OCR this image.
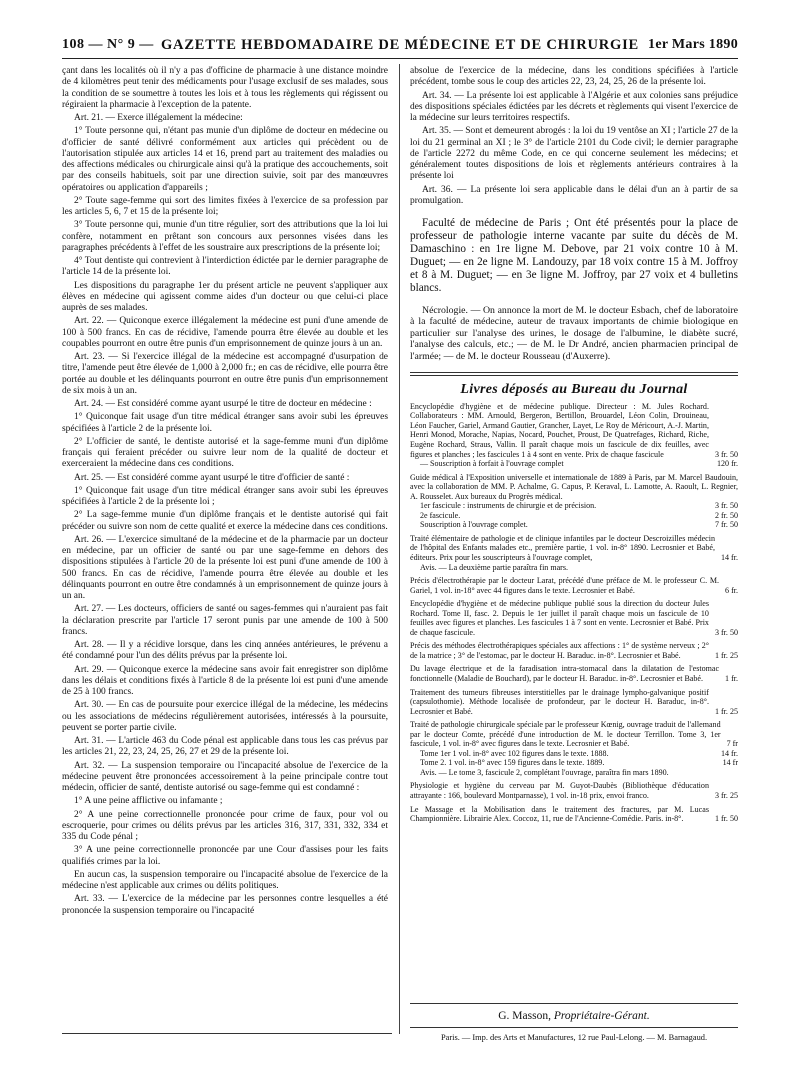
108 — N° 9 — GAZETTE HEBDOMADAIRE DE MÉDECINE ET DE CHIRURGIE 1er Mars 1890

çant dans les localités où il n'y a pas d'officine de pharmacie à une distance moindre de 4 kilomètres peut tenir des médicaments pour l'usage exclusif de ses malades, sous la condition de se soumettre à toutes les lois et à tous les règlements qui régissent ou régiraient la pharmacie à l'exception de la patente.

Art. 21. — Exerce illégalement la médecine:

1° Toute personne qui, n'étant pas munie d'un diplôme de docteur en médecine ou d'officier de santé délivré conformément aux articles qui précèdent ou de l'autorisation stipulée aux articles 14 et 16, prend part au traitement des maladies ou des affections médicales ou chirurgicale ainsi qu'à la pratique des accouchements, soit par des conseils habituels, soit par une direction suivie, soit par des manœuvres opératoires ou application d'appareils ;

2° Toute sage-femme qui sort des limites fixées à l'exercice de sa profession par les articles 5, 6, 7 et 15 de la présente loi;

3° Toute personne qui, munie d'un titre régulier, sort des attributions que la loi lui confère, notamment en prêtant son concours aux personnes visées dans les paragraphes précédents à l'effet de les soustraire aux prescriptions de la présente loi;

4° Tout dentiste qui contrevient à l'interdiction édictée par le dernier paragraphe de l'article 14 de la présente loi.

Les dispositions du paragraphe 1er du présent article ne peuvent s'appliquer aux élèves en médecine qui agissent comme aides d'un docteur ou que celui-ci place auprès de ses malades.

Art. 22. — Quiconque exerce illégalement la médecine est puni d'une amende de 100 à 500 francs. En cas de récidive, l'amende pourra être élevée au double et les coupables pourront en outre être punis d'un emprisonnement de quinze jours à un an.

Art. 23. — Si l'exercice illégal de la médecine est accompagné d'usurpation de titre, l'amende peut être élevée de 1,000 à 2,000 fr.; en cas de récidive, elle pourra être portée au double et les délinquants pourront en outre être punis d'un emprisonnement de six mois à un an.

Art. 24. — Est considéré comme ayant usurpé le titre de docteur en médecine :

1° Quiconque fait usage d'un titre médical étranger sans avoir subi les épreuves spécifiées à l'article 2 de la présente loi.

2° L'officier de santé, le dentiste autorisé et la sage-femme muni d'un diplôme français qui feraient précéder ou suivre leur nom de la qualité de docteur et exerceraient la médecine dans ces conditions.

Art. 25. — Est considéré comme ayant usurpé le titre d'officier de santé :

1° Quiconque fait usage d'un titre médical étranger sans avoir subi les épreuves spécifiées à l'article 2 de la présente loi ;

2° La sage-femme munie d'un diplôme français et le dentiste autorisé qui fait précéder ou suivre son nom de cette qualité et exerce la médecine dans ces conditions.

Art. 26. — L'exercice simultané de la médecine et de la pharmacie par un docteur en médecine, par un officier de santé ou par une sage-femme en dehors des dispositions stipulées à l'article 20 de la présente loi est puni d'une amende de 100 à 500 francs. En cas de récidive, l'amende pourra être élevée au double et les délinquants pourront en outre être condamnés à un emprisonnement de quinze jours à un an.

Art. 27. — Les docteurs, officiers de santé ou sages-femmes qui n'auraient pas fait la déclaration prescrite par l'article 17 seront punis par une amende de 100 à 500 francs.

Art. 28. — Il y a récidive lorsque, dans les cinq années antérieures, le prévenu a été condamné pour l'un des délits prévus par la présente loi.

Art. 29. — Quiconque exerce la médecine sans avoir fait enregistrer son diplôme dans les délais et conditions fixés à l'article 8 de la présente loi est puni d'une amende de 25 à 100 francs.

Art. 30. — En cas de poursuite pour exercice illégal de la médecine, les médecins ou les associations de médecins régulièrement autorisées, intéressés à la poursuite, peuvent se porter partie civile.

Art. 31. — L'article 463 du Code pénal est applicable dans tous les cas prévus par les articles 21, 22, 23, 24, 25, 26, 27 et 29 de la présente loi.

Art. 32. — La suspension temporaire ou l'incapacité absolue de l'exercice de la médecine peuvent être prononcées accessoirement à la peine principale contre tout médecin, officier de santé, dentiste autorisé ou sage-femme qui est condamné :

1° A une peine afflictive ou infamante ;

2° A une peine correctionnelle prononcée pour crime de faux, pour vol ou escroquerie, pour crimes ou délits prévus par les articles 316, 317, 331, 332, 334 et 335 du Code pénal ;

3° A une peine correctionnelle prononcée par une Cour d'assises pour les faits qualifiés crimes par la loi.

En aucun cas, la suspension temporaire ou l'incapacité absolue de l'exercice de la médecine n'est applicable aux crimes ou délits politiques.

Art. 33. — L'exercice de la médecine par les personnes contre lesquelles a été prononcée la suspension temporaire ou l'incapacité

absolue de l'exercice de la médecine, dans les conditions spécifiées à l'article précédent, tombe sous le coup des articles 22, 23, 24, 25, 26 de la présente loi.

Art. 34. — La présente loi est applicable à l'Algérie et aux colonies sans préjudice des dispositions spéciales édictées par les décrets et règlements qui visent l'exercice de la médecine sur leurs territoires respectifs.

Art. 35. — Sont et demeurent abrogés : la loi du 19 ventôse an XI ; l'article 27 de la loi du 21 germinal an XI ; le 3° de l'article 2101 du Code civil; le dernier paragraphe de l'article 2272 du même Code, en ce qui concerne seulement les médecins; et généralement toutes dispositions de lois et règlements antérieurs contraires à la présente loi

Art. 36. — La présente loi sera applicable dans le délai d'un an à partir de sa promulgation.

Faculté de médecine de Paris ; Ont été présentés pour la place de professeur de pathologie interne vacante par suite du décès de M. Damaschino : en 1re ligne M. Debove, par 21 voix contre 10 à M. Duguet; — en 2e ligne M. Landouzy, par 18 voix contre 15 à M. Joffroy et 8 à M. Duguet; — en 3e ligne M. Joffroy, par 27 voix et 4 bulletins blancs.

Nécrologie. — On annonce la mort de M. le docteur Esbach, chef de laboratoire à la faculté de médecine, auteur de travaux importants de chimie biologique en particulier sur l'analyse des urines, le dosage de l'albumine, le diabète sucré, l'analyse des calculs, etc.; — de M. le Dr André, ancien pharmacien principal de l'armée; — de M. le docteur Rousseau (d'Auxerre).

Livres déposés au Bureau du Journal
Encyclopédie d'hygiène et de médecine publique. Directeur : M. Jules Rochard. Collaborateurs : MM. Arnould, Bergeron, Bertillon, Brouardel, Léon Colin, Drouineau, Léon Faucher, Gariel, Armand Gautier, Grancher, Layet, Le Roy de Méricourt, A.-J. Martin, Henri Monod, Morache, Napias, Nocard, Pouchet, Proust, De Quatrefages, Richard, Riche, Eugène Rochard, Straus, Vallin. Il paraît chaque mois un fascicule de dix feuilles, avec figures et planches ; les fascicules 1 à 4 sont en vente. Prix de chaque fascicule	3 fr. 50
— Souscription à forfait à l'ouvrage complet	120 fr.
Guide médical à l'Exposition universelle et internationale de 1889 à Paris, par M. Marcel Baudouin, avec la collaboration de MM. P. Achalme, G. Capus, P. Keraval, L. Lamotte, A. Raoult, L. Regnier, A. Rousselet. Aux bureaux du Progrès médical.
1er fascicule : instruments de chirurgie et de précision.	3 fr. 50
2e fascicule.	2 fr. 50
Souscription à l'ouvrage complet.	7 fr. 50
Traité élémentaire de pathologie et de clinique infantiles par le docteur Descroizilles médecin de l'hôpital des Enfants malades etc., première partie, 1 vol. in-8° 1890. Lecrosnier et Babé, éditeurs. Prix pour les souscripteurs à l'ouvrage complet,	14 fr.
Avis. — La deuxième partie paraîtra fin mars.
Précis d'électrothérapie par le docteur Larat, précédé d'une préface de M. le professeur C. M. Gariel, 1 vol. in-18° avec 44 figures dans le texte. Lecrosnier et Babé.	6 fr.
Encyclopédie d'hygiène et de médecine publique publié sous la direction du docteur Jules Rochard. Tome II, fasc. 2. Depuis le 1er juillet il paraît chaque mois un fascicule de 10 feuilles avec figures et planches. Les fascicules 1 à 7 sont en vente. Lecrosnier et Babé. Prix de chaque fascicule.	3 fr. 50
Précis des méthodes électrothérapiques spéciales aux affections : 1° de système nerveux ; 2° de la matrice ; 3° de l'estomac, par le docteur H. Baraduc. in-8°. Lecrosnier et Babé.	1 fr. 25
Du lavage électrique et de la faradisation intra-stomacal dans la dilatation de l'estomac fonctionnelle (Maladie de Bouchard), par le docteur H. Baraduc. in-8°. Lecrosnier et Babé.	1 fr.
Traitement des tumeurs fibreuses interstitielles par le drainage lympho-galvanique positif (capsulothomie). Méthode localisée de profondeur, par le docteur H. Baraduc, in-8°. Lecrosnier et Babé.	1 fr. 25
Traité de pathologie chirurgicale spéciale par le professeur Kœnig, ouvrage traduit de l'allemand par le docteur Comte, précédé d'une introduction de M. le docteur Terrillon. Tome 3, 1er fascicule, 1 vol. in-8° avec figures dans le texte. Lecrosnier et Babé.	7 fr
Tome 1er 1 vol. in-8° avec 102 figures dans le texte. 1888.	14 fr.
Tome 2. 1 vol. in-8° avec 159 figures dans le texte. 1889.	14 fr
Avis. — Le tome 3, fascicule 2, complétant l'ouvrage, paraîtra fin mars 1890.
Physiologie et hygiène du cerveau par M. Guyot-Daubès (Bibliothèque d'éducation attrayante : 166, boulevard Montparnasse), 1 vol. in-18 prix, envoi franco.	3 fr. 25
Le Massage et la Mobilisation dans le traitement des fractures, par M. Lucas Championnière. Librairie Alex. Coccoz, 11, rue de l'Ancienne-Comédie. Paris. in-8°.	1 fr. 50
G. Masson, Propriétaire-Gérant.
Paris. — Imp. des Arts et Manufactures, 12 rue Paul-Lelong. — M. Barnagaud.
